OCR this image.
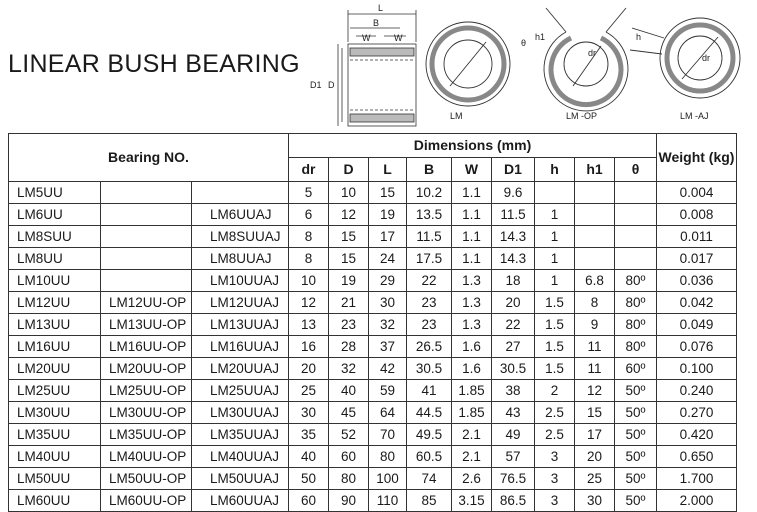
LINEAR BUSH BEARING
L
B
W	W
D
D1
LM
θ
h1
dr
LM -OP
h
dr
LM -AJ
Bearing NO.			Dimensions (mm)									Weight (kg)
			dr	D	L	B	W	D1	h	h1	θ	
LM5UU			5	10	15	10.2	1.1	9.6				0.004
LM6UU		LM6UUAJ	6	12	19	13.5	1.1	11.5	1			0.008
LM8SUU		LM8SUUAJ	8	15	17	11.5	1.1	14.3	1			0.011
LM8UU		LM8UUAJ	8	15	24	17.5	1.1	14.3	1			0.017
LM10UU		LM10UUAJ	10	19	29	22	1.3	18	1	6.8	80º	0.036
LM12UU	LM12UU-OP	LM12UUAJ	12	21	30	23	1.3	20	1.5	8	80º	0.042
LM13UU	LM13UU-OP	LM13UUAJ	13	23	32	23	1.3	22	1.5	9	80º	0.049
LM16UU	LM16UU-OP	LM16UUAJ	16	28	37	26.5	1.6	27	1.5	11	80º	0.076
LM20UU	LM20UU-OP	LM20UUAJ	20	32	42	30.5	1.6	30.5	1.5	11	60º	0.100
LM25UU	LM25UU-OP	LM25UUAJ	25	40	59	41	1.85	38	2	12	50º	0.240
LM30UU	LM30UU-OP	LM30UUAJ	30	45	64	44.5	1.85	43	2.5	15	50º	0.270
LM35UU	LM35UU-OP	LM35UUAJ	35	52	70	49.5	2.1	49	2.5	17	50º	0.420
LM40UU	LM40UU-OP	LM40UUAJ	40	60	80	60.5	2.1	57	3	20	50º	0.650
LM50UU	LM50UU-OP	LM50UUAJ	50	80	100	74	2.6	76.5	3	25	50º	1.700
LM60UU	LM60UU-OP	LM60UUAJ	60	90	110	85	3.15	86.5	3	30	50º	2.000
